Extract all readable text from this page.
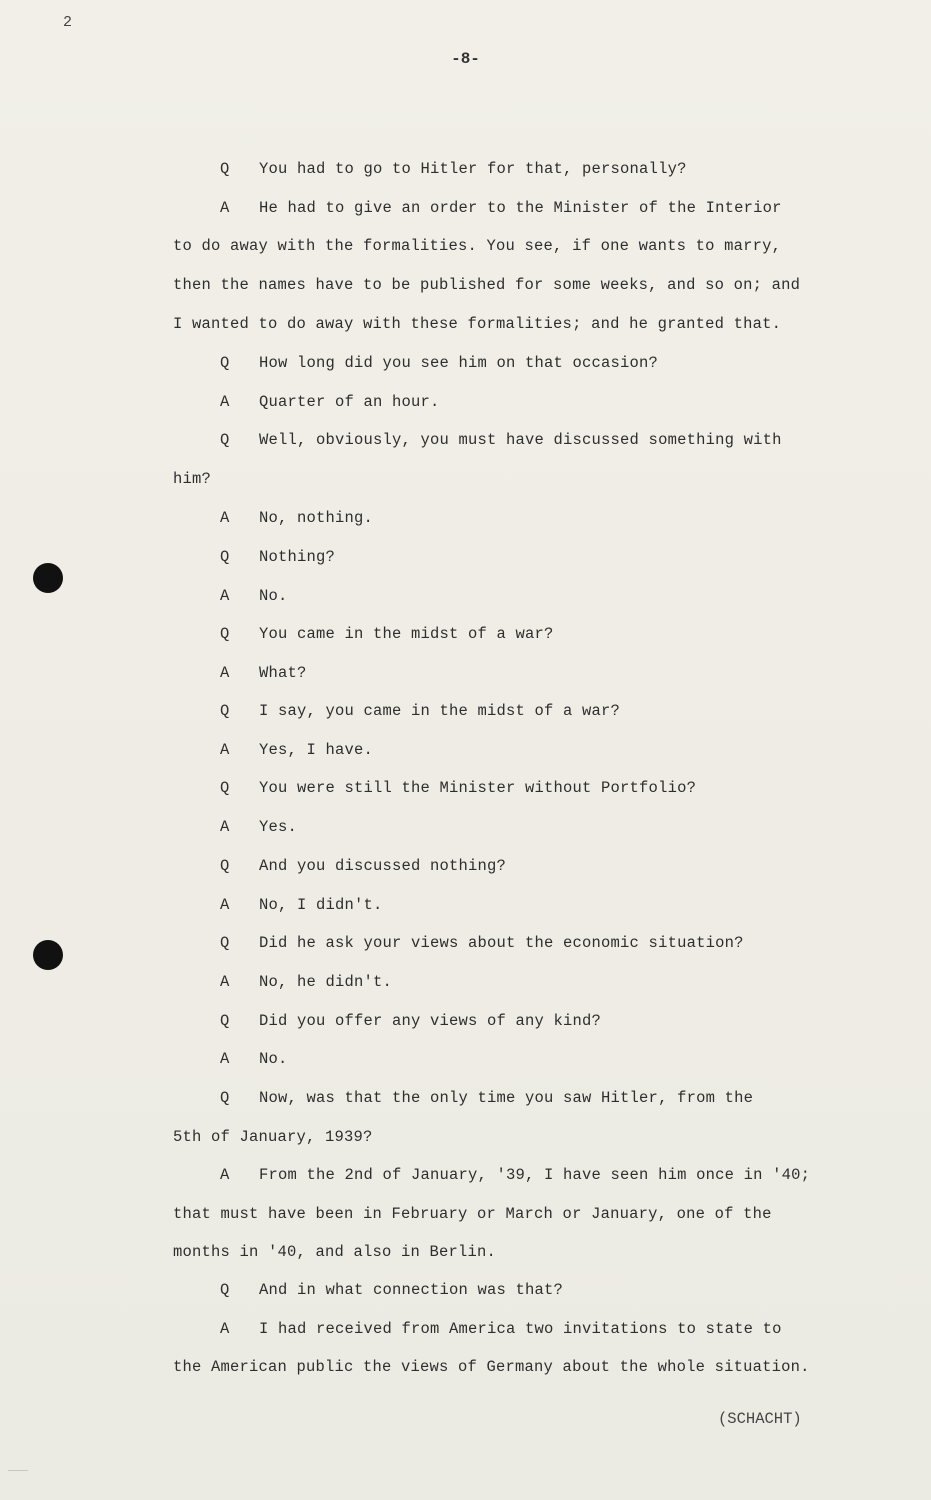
2
-8-
Q You had to go to Hitler for that, personally?
A He had to give an order to the Minister of the Interior
to do away with the formalities. You see, if one wants to marry,
then the names have to be published for some weeks, and so on; and
I wanted to do away with these formalities; and he granted that.
Q How long did you see him on that occasion?
A Quarter of an hour.
Q Well, obviously, you must have discussed something with
him?
A No, nothing.
Q Nothing?
A No.
Q You came in the midst of a war?
A What?
Q I say, you came in the midst of a war?
A Yes, I have.
Q You were still the Minister without Portfolio?
A Yes.
Q And you discussed nothing?
A No, I didn't.
Q Did he ask your views about the economic situation?
A No, he didn't.
Q Did you offer any views of any kind?
A No.
Q Now, was that the only time you saw Hitler, from the
5th of January, 1939?
A From the 2nd of January, '39, I have seen him once in '40;
that must have been in February or March or January, one of the
months in '40, and also in Berlin.
Q And in what connection was that?
A I had received from America two invitations to state to
the American public the views of Germany about the whole situation.
(SCHACHT)
